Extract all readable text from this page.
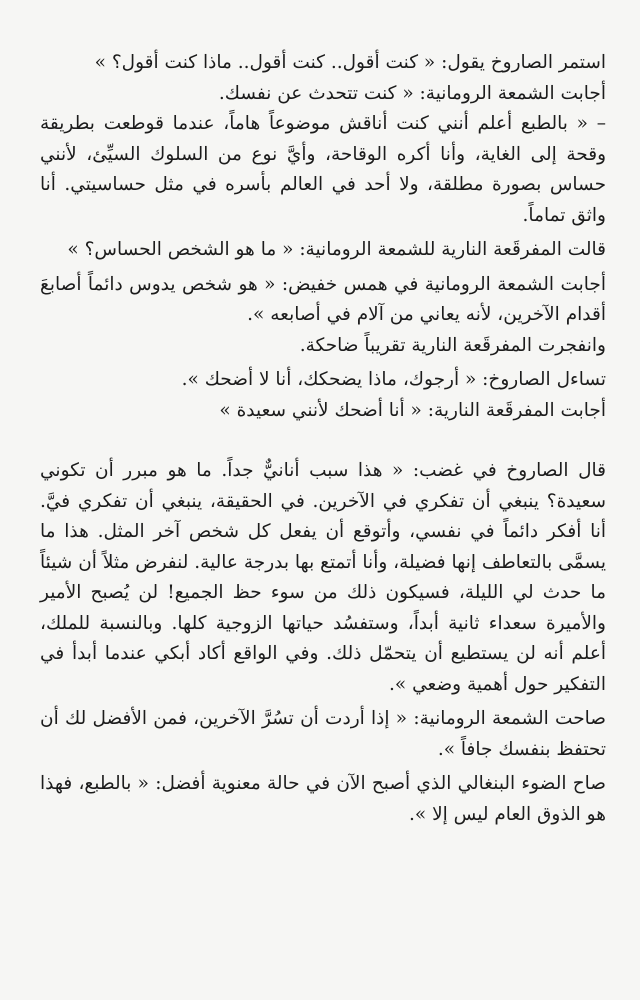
استمر الصاروخ يقول: « كنت أقول.. كنت أقول.. ماذا كنت أقول؟ »

أجابت الشمعة الرومانية: « كنت تتحدث عن نفسك.

– « بالطبع أعلم أنني كنت أناقش موضوعاً هاماً، عندما قوطعت بطريقة وقحة إلى الغاية، وأنا أكره الوقاحة، وأيَّ نوع من السلوك السيِّئ، لأنني حساس بصورة مطلقة، ولا أحد في العالم بأسره في مثل حساسيتي. أنا واثق تماماً.

قالت المفرقَعة النارية للشمعة الرومانية: « ما هو الشخص الحساس؟ »

أجابت الشمعة الرومانية في همس خفيض: « هو شخص يدوس دائماً أصابعَ أقدام الآخرين، لأنه يعاني من آلام في أصابعه ».

وانفجرت المفرقَعة النارية تقريباً ضاحكة.

تساءل الصاروخ: « أرجوك، ماذا يضحكك، أنا لا أضحك ».

أجابت المفرقَعة النارية: « أنا أضحك لأنني سعيدة »

قال الصاروخ في غضب: « هذا سبب أنانيٌّ جداً. ما هو مبرر أن تكوني سعيدة؟ ينبغي أن تفكري في الآخرين. في الحقيقة، ينبغي أن تفكري فيَّ. أنا أفكر دائماً في نفسي، وأتوقع أن يفعل كل شخص آخر المثل. هذا ما يسمَّى بالتعاطف إنها فضيلة، وأنا أتمتع بها بدرجة عالية. لنفرض مثلاً أن شيئاً ما حدث لي الليلة، فسيكون ذلك من سوء حظ الجميع! لن يُصبح الأمير والأميرة سعداء ثانية أبداً، وستفسُد حياتها الزوجية كلها. وبالنسبة للملك، أعلم أنه لن يستطيع أن يتحمّل ذلك. وفي الواقع أكاد أبكي عندما أبدأ في التفكير حول أهمية وضعي ».

صاحت الشمعة الرومانية: « إذا أردت أن تسُرَّ الآخرين، فمن الأفضل لك أن تحتفظ بنفسك جافاً ».

صاح الضوء البنغالي الذي أصبح الآن في حالة معنوية أفضل: « بالطبع، فهذا هو الذوق العام ليس إلا ».
